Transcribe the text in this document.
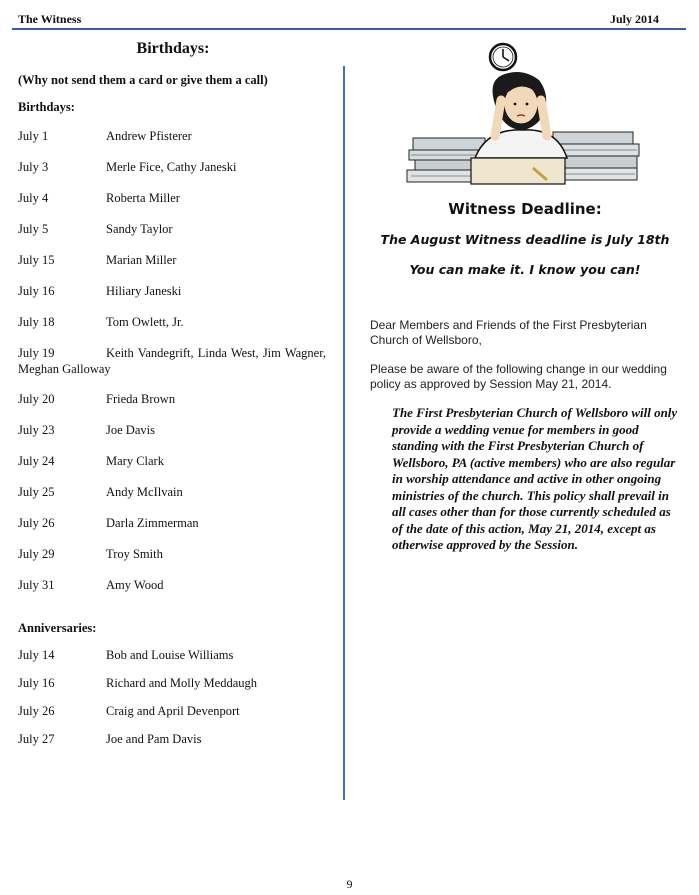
The Witness	July 2014
Birthdays:
(Why not send them a card or give them a call)
Birthdays:
July 1	Andrew Pfisterer
July 3	Merle Fice, Cathy Janeski
July 4	Roberta Miller
July 5	Sandy Taylor
July 15	Marian Miller
July 16	Hiliary Janeski
July 18	Tom Owlett, Jr.
July 19	Keith Vandegrift, Linda West, Jim Wagner, Meghan Galloway
July 20	Frieda Brown
July 23	Joe Davis
July 24	Mary Clark
July 25	Andy McIlvain
July 26	Darla Zimmerman
July 29	Troy Smith
July 31	Amy Wood
Anniversaries:
July 14	Bob and Louise Williams
July 16	Richard and Molly Meddaugh
July 26	Craig and April Devenport
July 27	Joe and Pam Davis
Witness Deadline:
The August Witness deadline is July 18th
You can make it. I know you can!
Dear Members and Friends of the First Presbyterian Church of Wellsboro,
Please be aware of the following change in our wedding policy as approved by Session May 21, 2014.
The First Presbyterian Church of Wellsboro will only provide a wedding venue for members in good standing with the First Presbyterian Church of Wellsboro, PA (active members) who are also regular in worship attendance and active in other ongoing ministries of the church. This policy shall prevail in all cases other than for those currently scheduled as of the date of this action, May 21, 2014, except as otherwise approved by the Session.
9
